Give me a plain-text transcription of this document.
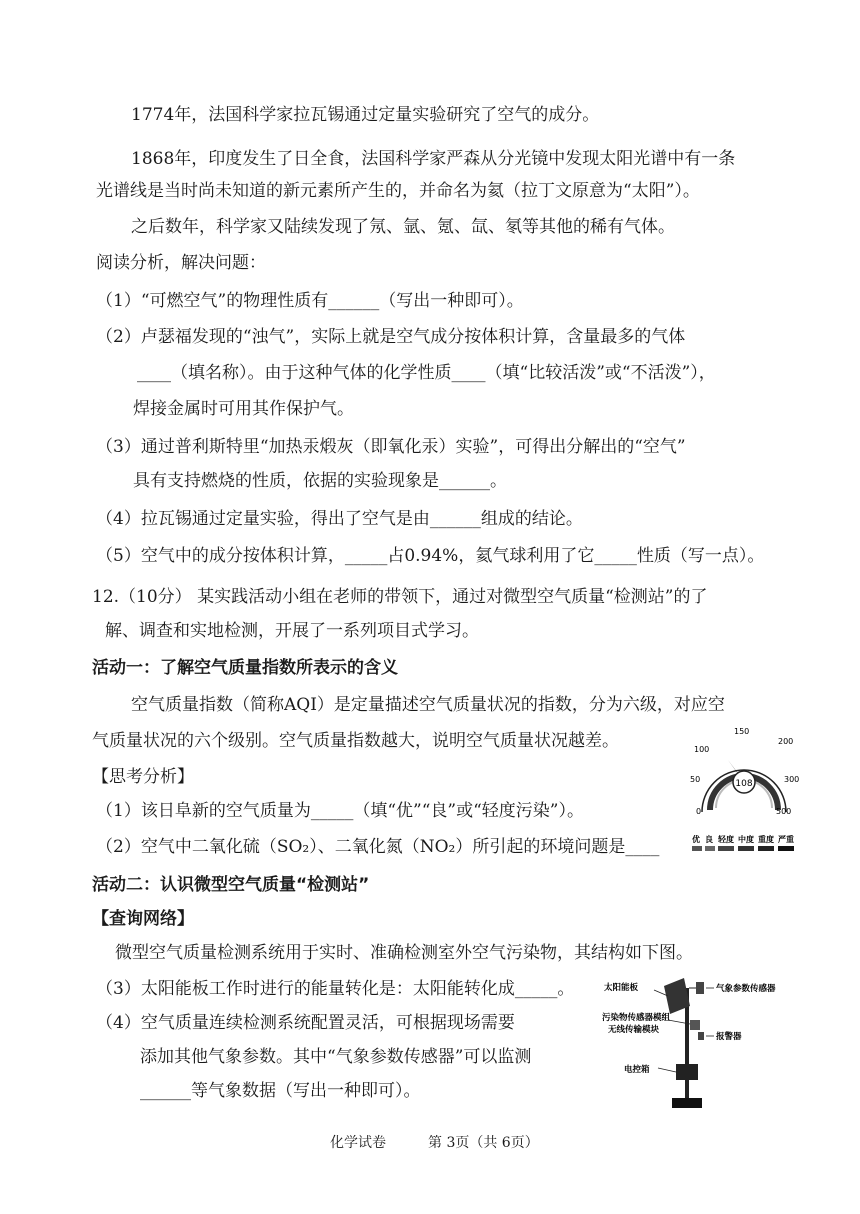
1774年，法国科学家拉瓦锡通过定量实验研究了空气的成分。
1868年，印度发生了日全食，法国科学家严森从分光镜中发现太阳光谱中有一条
光谱线是当时尚未知道的新元素所产生的，并命名为氦（拉丁文原意为“太阳”）。
之后数年，科学家又陆续发现了氖、氩、氪、氙、氡等其他的稀有气体。
阅读分析，解决问题：
（1）“可燃空气”的物理性质有______（写出一种即可）。
（2）卢瑟福发现的“浊气”，实际上就是空气成分按体积计算，含量最多的气体
____（填名称）。由于这种气体的化学性质____（填“比较活泼”或“不活泼”），
焊接金属时可用其作保护气。
（3）通过普利斯特里“加热汞煅灰（即氧化汞）实验”，可得出分解出的“空气”
具有支持燃烧的性质，依据的实验现象是______。
（4）拉瓦锡通过定量实验，得出了空气是由______组成的结论。
（5）空气中的成分按体积计算，_____占0.94%，氦气球利用了它_____性质（写一点）。
12.（10分） 某实践活动小组在老师的带领下，通过对微型空气质量“检测站”的了
解、调查和实地检测，开展了一系列项目式学习。
活动一：了解空气质量指数所表示的含义
空气质量指数（简称AQI）是定量描述空气质量状况的指数，分为六级，对应空
气质量状况的六个级别。空气质量指数越大，说明空气质量状况越差。
【思考分析】
（1）该日阜新的空气质量为_____（填“优”“良”或“轻度污染”）。
（2）空气中二氧化硫（SO₂）、二氧化氮（NO₂）所引起的环境问题是____
108
0
50
100
150
200
300
500
优 良 轻度 中度 重度 严重
活动二：认识微型空气质量“检测站”
【查询网络】
微型空气质量检测系统用于实时、准确检测室外空气污染物，其结构如下图。
（3）太阳能板工作时进行的能量转化是：太阳能转化成_____。
（4）空气质量连续检测系统配置灵活，可根据现场需要
添加其他气象参数。其中“气象参数传感器”可以监测
______等气象数据（写出一种即可）。
太阳能板	气象参数传感器
污染物传感器模组
无线传输模块
报警器
电控箱
化学试卷	第 3页（共 6页）
